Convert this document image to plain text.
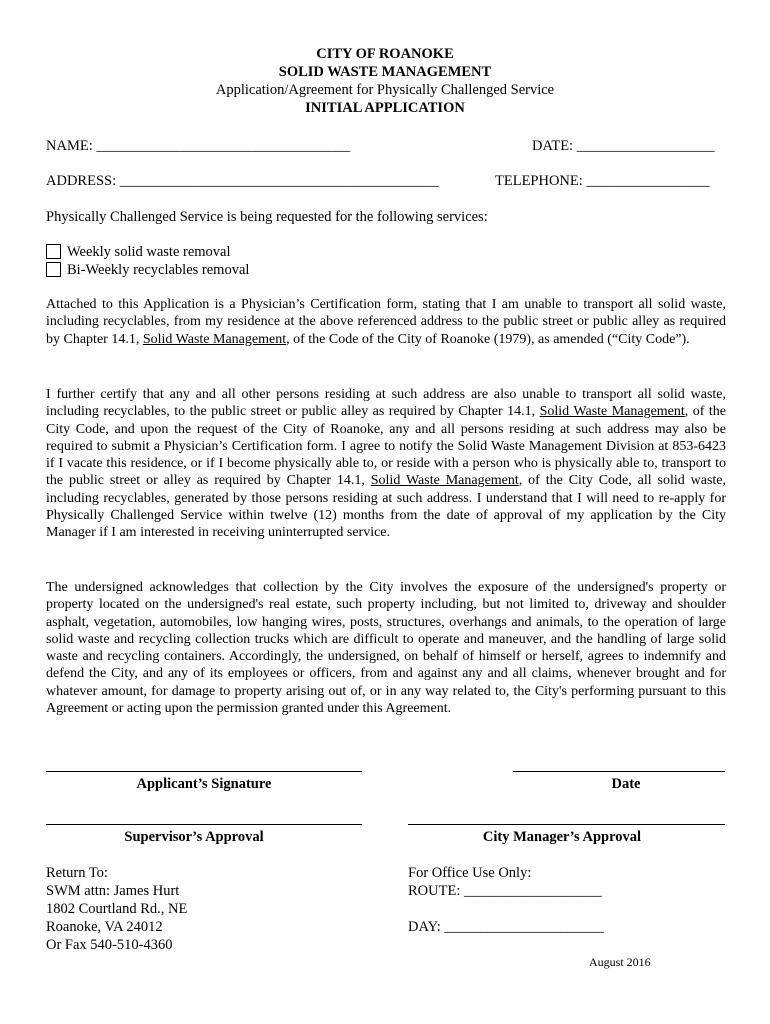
CITY OF ROANOKE
SOLID WASTE MANAGEMENT
Application/Agreement for Physically Challenged Service
INITIAL APPLICATION
NAME: ___________________________________	DATE: ___________________
ADDRESS: ____________________________________________	TELEPHONE: _________________
Physically Challenged Service is being requested for the following services:
Weekly solid waste removal
Bi-Weekly recyclables removal
Attached to this Application is a Physician’s Certification form, stating that I am unable to transport all solid waste, including recyclables, from my residence at the above referenced address to the public street or public alley as required by Chapter 14.1, Solid Waste Management, of the Code of the City of Roanoke (1979), as amended (“City Code”).
I further certify that any and all other persons residing at such address are also unable to transport all solid waste, including recyclables, to the public street or public alley as required by Chapter 14.1, Solid Waste Management, of the City Code, and upon the request of the City of Roanoke, any and all persons residing at such address may also be required to submit a Physician’s Certification form. I agree to notify the Solid Waste Management Division at 853-6423 if I vacate this residence, or if I become physically able to, or reside with a person who is physically able to, transport to the public street or alley as required by Chapter 14.1, Solid Waste Management, of the City Code, all solid waste, including recyclables, generated by those persons residing at such address. I understand that I will need to re-apply for Physically Challenged Service within twelve (12) months from the date of approval of my application by the City Manager if I am interested in receiving uninterrupted service.
The undersigned acknowledges that collection by the City involves the exposure of the undersigned's property or property located on the undersigned's real estate, such property including, but not limited to, driveway and shoulder asphalt, vegetation, automobiles, low hanging wires, posts, structures, overhangs and animals, to the operation of large solid waste and recycling collection trucks which are difficult to operate and maneuver, and the handling of large solid waste and recycling containers. Accordingly, the undersigned, on behalf of himself or herself, agrees to indemnify and defend the City, and any of its employees or officers, from and against any and all claims, whenever brought and for whatever amount, for damage to property arising out of, or in any way related to, the City's performing pursuant to this Agreement or acting upon the permission granted under this Agreement.
Applicant’s Signature	Date
Supervisor’s Approval	City Manager’s Approval
Return To:
SWM attn: James Hurt
1802 Courtland Rd., NE
Roanoke, VA 24012
Or Fax 540-510-4360
For Office Use Only:
ROUTE: ___________________
DAY: ______________________
August 2016
